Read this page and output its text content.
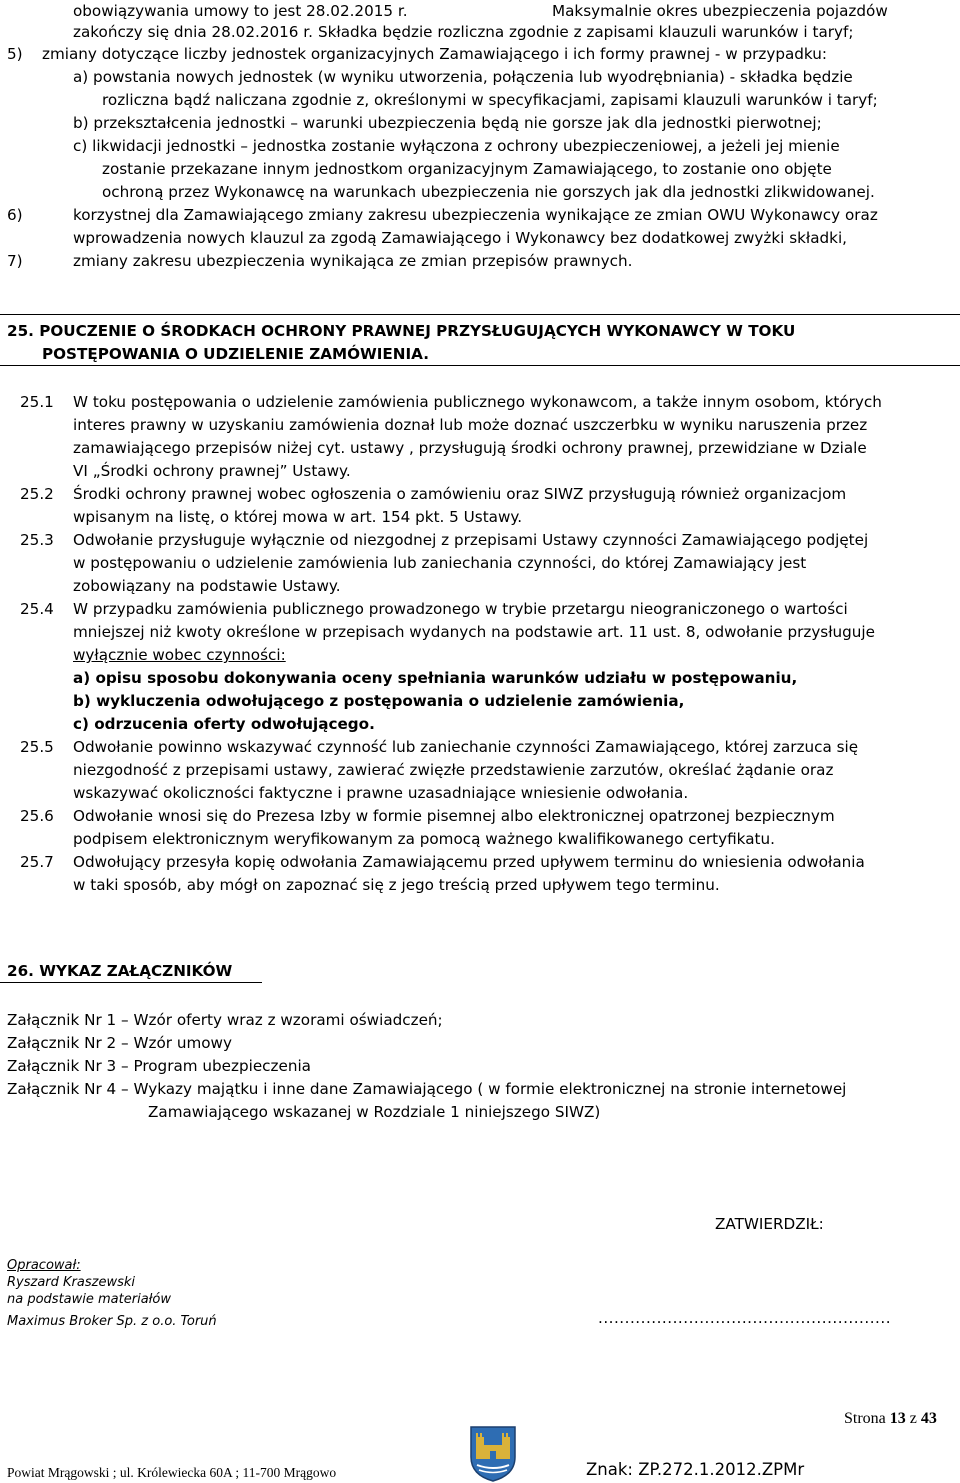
obowiązywania umowy to jest 28.02.2015 r.	Maksymalnie okres ubezpieczenia pojazdów
zakończy się dnia 28.02.2016 r. Składka będzie rozliczna zgodnie z zapisami klauzuli warunków i taryf;
5) zmiany dotyczące liczby jednostek organizacyjnych Zamawiającego i ich formy prawnej - w przypadku:
a) powstania nowych jednostek (w wyniku utworzenia, połączenia lub wyodrębniania) - składka będzie
rozliczna bądź naliczana zgodnie z, określonymi w specyfikacjami, zapisami klauzuli warunków i taryf;
b) przekształcenia jednostki – warunki ubezpieczenia będą nie gorsze jak dla jednostki pierwotnej;
c) likwidacji jednostki – jednostka zostanie wyłączona z ochrony ubezpieczeniowej, a jeżeli jej mienie
zostanie przekazane innym jednostkom organizacyjnym Zamawiającego, to zostanie ono objęte
ochroną przez Wykonawcę na warunkach ubezpieczenia nie gorszych jak dla jednostki zlikwidowanej.
6)	korzystnej dla Zamawiającego zmiany zakresu ubezpieczenia wynikające ze zmian OWU Wykonawcy oraz
wprowadzenia nowych klauzul za zgodą Zamawiającego i Wykonawcy bez dodatkowej zwyżki składki,
7)	zmiany zakresu ubezpieczenia wynikająca ze zmian przepisów prawnych.
25. POUCZENIE O ŚRODKACH OCHRONY PRAWNEJ PRZYSŁUGUJĄCYCH WYKONAWCY W TOKU
POSTĘPOWANIA O UDZIELENIE ZAMÓWIENIA.
25.1 W toku postępowania o udzielenie zamówienia publicznego wykonawcom, a także innym osobom, których
interes prawny w uzyskaniu zamówienia doznał lub może doznać uszczerbku w wyniku naruszenia przez
zamawiającego przepisów niżej cyt. ustawy , przysługują środki ochrony prawnej, przewidziane w Dziale
VI „Środki ochrony prawnej” Ustawy.
25.2 Środki ochrony prawnej wobec ogłoszenia o zamówieniu oraz SIWZ przysługują również organizacjom
wpisanym na listę, o której mowa w art. 154 pkt. 5 Ustawy.
25.3 Odwołanie przysługuje wyłącznie od niezgodnej z przepisami Ustawy czynności Zamawiającego podjętej
w postępowaniu o udzielenie zamówienia lub zaniechania czynności, do której Zamawiający jest
zobowiązany na podstawie Ustawy.
25.4 W przypadku zamówienia publicznego prowadzonego w trybie przetargu nieograniczonego o wartości
mniejszej niż kwoty określone w przepisach wydanych na podstawie art. 11 ust. 8, odwołanie przysługuje
wyłącznie wobec czynności:
a) opisu sposobu dokonywania oceny spełniania warunków udziału w postępowaniu,
b) wykluczenia odwołującego z postępowania o udzielenie zamówienia,
c) odrzucenia oferty odwołującego.
25.5 Odwołanie powinno wskazywać czynność lub zaniechanie czynności Zamawiającego, której zarzuca się
niezgodność z przepisami ustawy, zawierać zwięzłe przedstawienie zarzutów, określać żądanie oraz
wskazywać okoliczności faktyczne i prawne uzasadniające wniesienie odwołania.
25.6 Odwołanie wnosi się do Prezesa Izby w formie pisemnej albo elektronicznej opatrzonej bezpiecznym
podpisem elektronicznym weryfikowanym za pomocą ważnego kwalifikowanego certyfikatu.
25.7 Odwołujący przesyła kopię odwołania Zamawiającemu przed upływem terminu do wniesienia odwołania
w taki sposób, aby mógł on zapoznać się z jego treścią przed upływem tego terminu.
26. WYKAZ ZAŁĄCZNIKÓW
Załącznik Nr 1 – Wzór oferty wraz z wzorami oświadczeń;
Załącznik Nr 2 – Wzór umowy
Załącznik Nr 3 – Program ubezpieczenia
Załącznik Nr 4 – Wykazy majątku i inne dane Zamawiającego ( w formie elektronicznej na stronie internetowej
Zamawiającego wskazanej w Rozdziale 1 niniejszego SIWZ)
ZATWIERDZIŁ:
Opracował:
Ryszard Kraszewski
na podstawie materiałów
Maximus Broker Sp. z o.o. Toruń	.......................................................
Strona 13 z 43
Powiat Mrągowski ; ul. Królewiecka 60A ; 11-700 Mrągowo	Znak: ZP.272.1.2012.ZPMr
